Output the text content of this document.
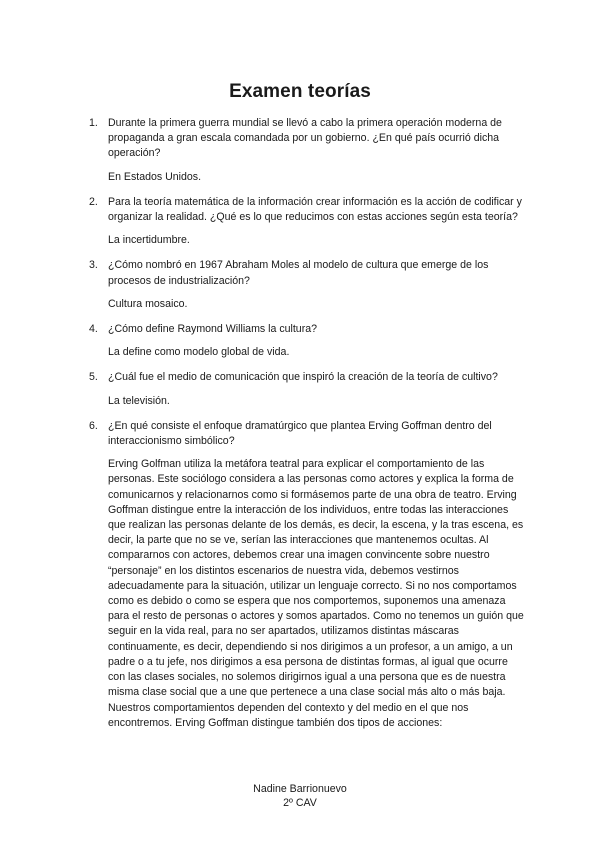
Examen teorías
1. Durante la primera guerra mundial se llevó a cabo la primera operación moderna de propaganda a gran escala comandada por un gobierno. ¿En qué país ocurrió dicha operación?
En Estados Unidos.
2. Para la teoría matemática de la información crear información es la acción de codificar y organizar la realidad. ¿Qué es lo que reducimos con estas acciones según esta teoría?
La incertidumbre.
3. ¿Cómo nombró en 1967 Abraham Moles al modelo de cultura que emerge de los procesos de industrialización?
Cultura mosaico.
4. ¿Cómo define Raymond Williams la cultura?
La define como modelo global de vida.
5. ¿Cuál fue el medio de comunicación que inspiró la creación de la teoría de cultivo?
La televisión.
6. ¿En qué consiste el enfoque dramatúrgico que plantea Erving Goffman dentro del interaccionismo simbólico?
Erving Golfman utiliza la metáfora teatral para explicar el comportamiento de las personas. Este sociólogo considera a las personas como actores y explica la forma de comunicarnos y relacionarnos como si formásemos parte de una obra de teatro. Erving Goffman distingue entre la interacción de los individuos, entre todas las interacciones que realizan las personas delante de los demás, es decir, la escena, y la tras escena, es decir, la parte que no se ve, serían las interacciones que mantenemos ocultas. Al compararnos con actores, debemos crear una imagen convincente sobre nuestro “personaje” en los distintos escenarios de nuestra vida, debemos vestirnos adecuadamente para la situación, utilizar un lenguaje correcto. Si no nos comportamos como es debido o como se espera que nos comportemos, suponemos una amenaza para el resto de personas o actores y somos apartados. Como no tenemos un guión que seguir en la vida real, para no ser apartados, utilizamos distintas máscaras continuamente, es decir, dependiendo si nos dirigimos a un profesor, a un amigo, a un padre o a tu jefe, nos dirigimos a esa persona de distintas formas, al igual que ocurre con las clases sociales, no solemos dirigirnos igual a una persona que es de nuestra misma clase social que a une que pertenece a una clase social más alto o más baja. Nuestros comportamientos dependen del contexto y del medio en el que nos encontremos. Erving Goffman distingue también dos tipos de acciones:
Nadine Barrionuevo
2º CAV
